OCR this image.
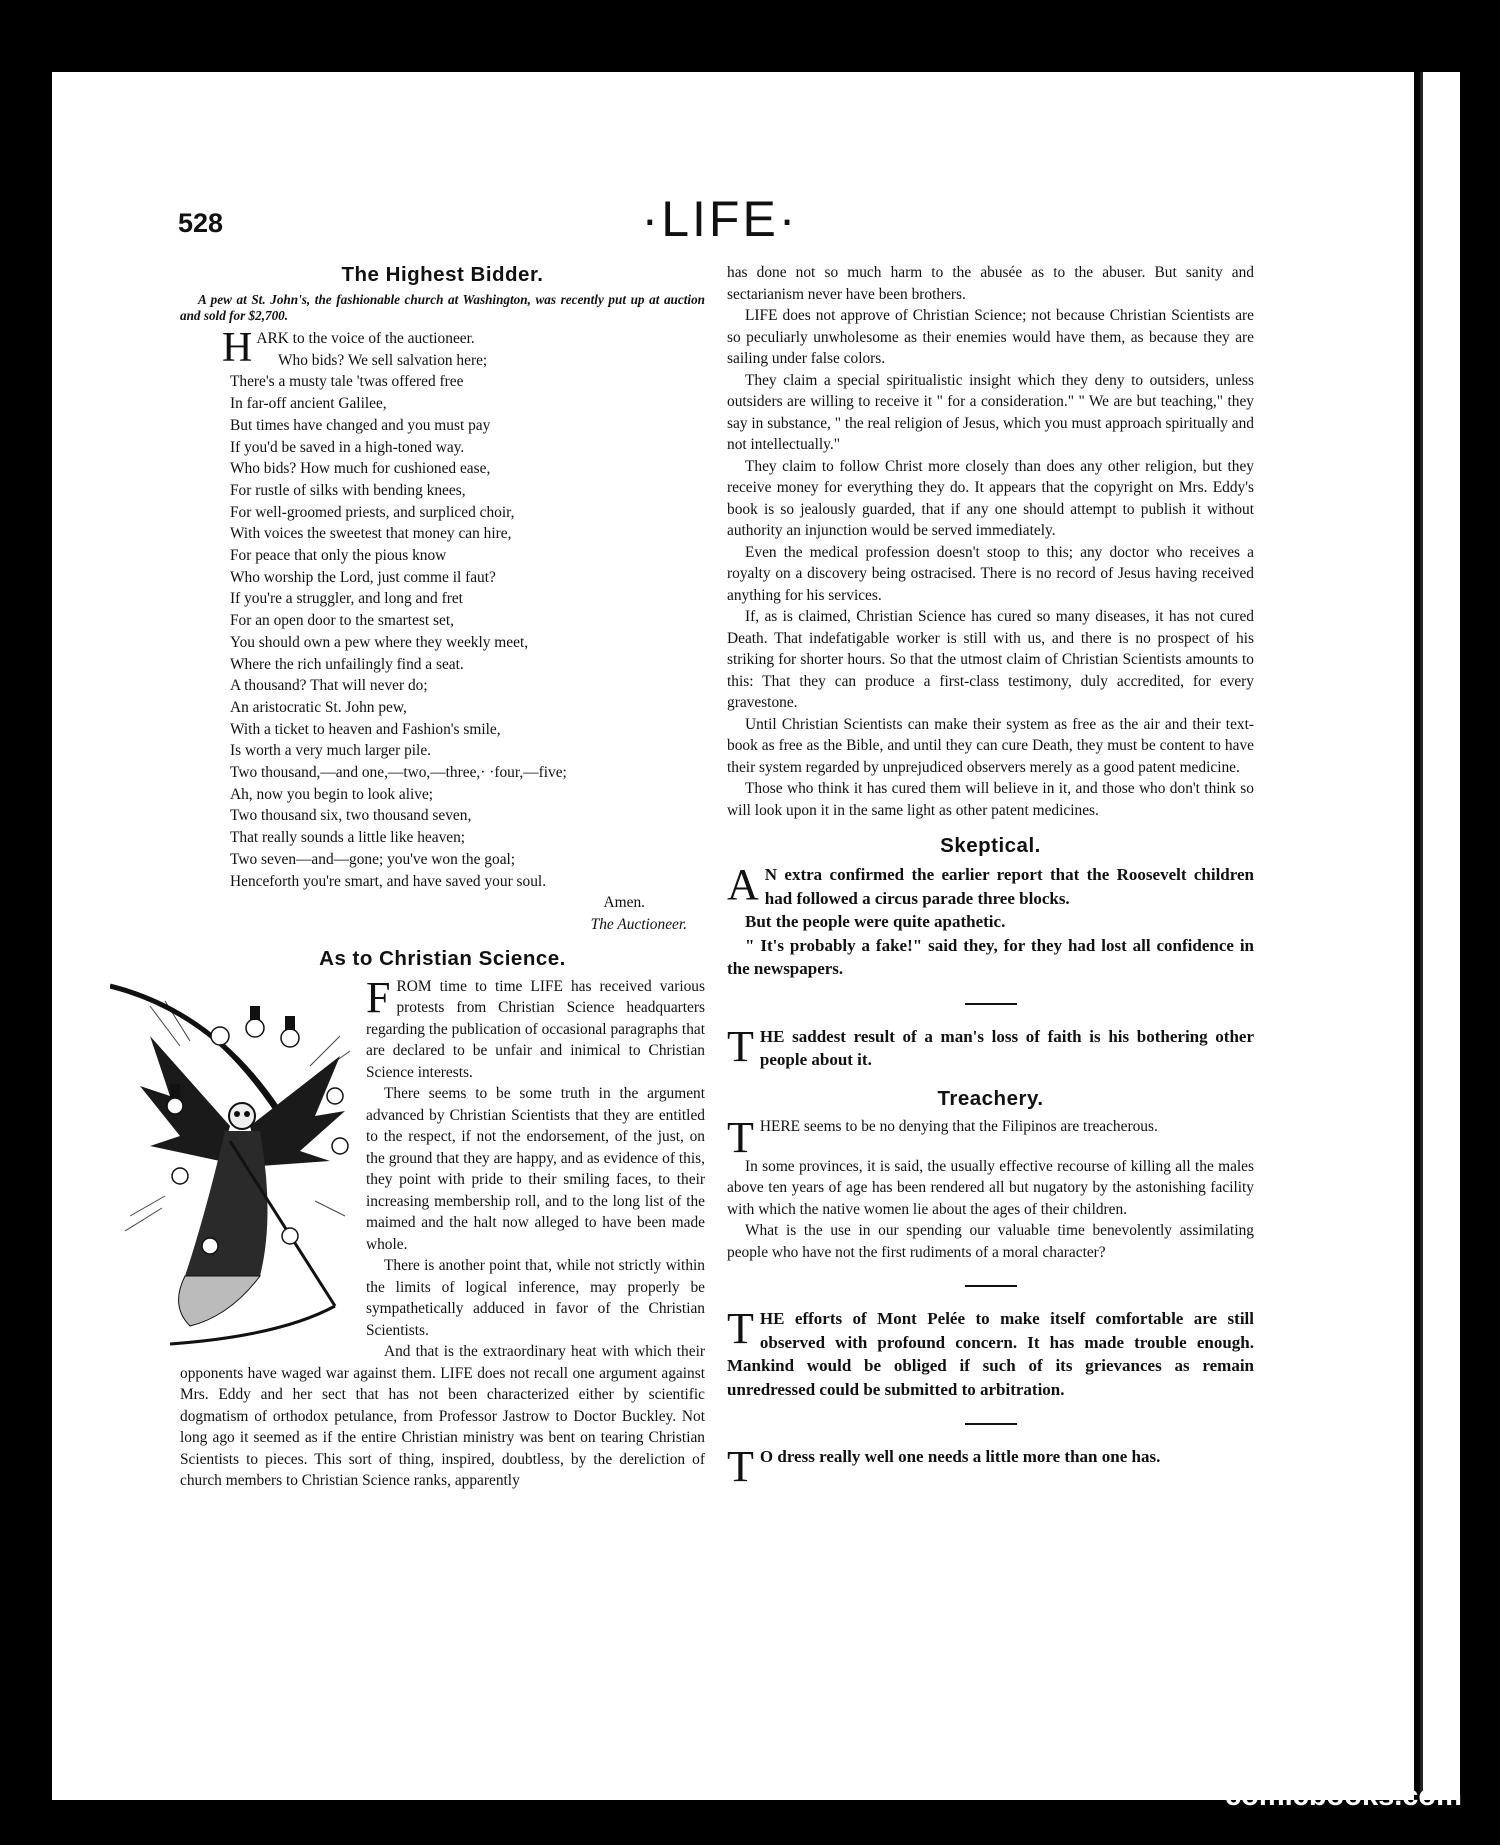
528	·LIFE·
The Highest Bidder.
A pew at St. John's, the fashionable church at Washington, was recently put up at auction and sold for $2,700.
HARK to the voice of the auctioneer.
Who bids? We sell salvation here;
There's a musty tale 'twas offered free
In far-off ancient Galilee,
But times have changed and you must pay
If you'd be saved in a high-toned way.
Who bids? How much for cushioned ease,
For rustle of silks with bending knees,
For well-groomed priests, and surpliced choir,
With voices the sweetest that money can hire,
For peace that only the pious know
Who worship the Lord, just comme il faut?
If you're a struggler, and long and fret
For an open door to the smartest set,
You should own a pew where they weekly meet,
Where the rich unfailingly find a seat.
A thousand? That will never do;
An aristocratic St. John pew,
With a ticket to heaven and Fashion's smile,
Is worth a very much larger pile.
Two thousand,—and one,—two,—three,· ·four,—five;
Ah, now you begin to look alive;
Two thousand six, two thousand seven,
That really sounds a little like heaven;
Two seven—and—gone; you've won the goal;
Henceforth you're smart, and have saved your soul.
Amen.
The Auctioneer.
As to Christian Science.

FROM time to time LIFE has received various protests from Christian Science headquarters regarding the publication of occasional paragraphs that are declared to be unfair and inimical to Christian Science interests.

There seems to be some truth in the argument advanced by Christian Scientists that they are entitled to the respect, if not the endorsement, of the just, on the ground that they are happy, and as evidence of this, they point with pride to their smiling faces, to their increasing membership roll, and to the long list of the maimed and the halt now alleged to have been made whole.

There is another point that, while not strictly within the limits of logical inference, may properly be sympathetically adduced in favor of the Christian Scientists.

And that is the extraordinary heat with which their opponents have waged war against them. LIFE does not recall one argument against Mrs. Eddy and her sect that has not been characterized either by scientific dogmatism of orthodox petulance, from Professor Jastrow to Doctor Buckley. Not long ago it seemed as if the entire Christian ministry was bent on tearing Christian Scientists to pieces. This sort of thing, inspired, doubtless, by the dereliction of church members to Christian Science ranks, apparently

has done not so much harm to the abusée as to the abuser. But sanity and sectarianism never have been brothers.

LIFE does not approve of Christian Science; not because Christian Scientists are so peculiarly unwholesome as their enemies would have them, as because they are sailing under false colors.

They claim a special spiritualistic insight which they deny to outsiders, unless outsiders are willing to receive it " for a consideration." " We are but teaching," they say in substance, " the real religion of Jesus, which you must approach spiritually and not intellectually."

They claim to follow Christ more closely than does any other religion, but they receive money for everything they do. It appears that the copyright on Mrs. Eddy's book is so jealously guarded, that if any one should attempt to publish it without authority an injunction would be served immediately.

Even the medical profession doesn't stoop to this; any doctor who receives a royalty on a discovery being ostracised. There is no record of Jesus having received anything for his services.

If, as is claimed, Christian Science has cured so many diseases, it has not cured Death. That indefatigable worker is still with us, and there is no prospect of his striking for shorter hours. So that the utmost claim of Christian Scientists amounts to this: That they can produce a first-class testimony, duly accredited, for every gravestone.

Until Christian Scientists can make their system as free as the air and their text-book as free as the Bible, and until they can cure Death, they must be content to have their system regarded by unprejudiced observers merely as a good patent medicine.

Those who think it has cured them will believe in it, and those who don't think so will look upon it in the same light as other patent medicines.

Skeptical.

A N extra confirmed the earlier report that the Roosevelt children had followed a circus parade three blocks.

But the people were quite apathetic.

" It's probably a fake!" said they, for they had lost all confidence in the newspapers.

THE saddest result of a man's loss of faith is his bothering other people about it.

Treachery.

THERE seems to be no denying that the Filipinos are treacherous.

In some provinces, it is said, the usually effective recourse of killing all the males above ten years of age has been rendered all but nugatory by the astonishing facility with which the native women lie about the ages of their children.

What is the use in our spending our valuable time benevolently assimilating people who have not the first rudiments of a moral character?

THE efforts of Mont Pelée to make itself comfortable are still observed with profound concern. It has made trouble enough. Mankind would be obliged if such of its grievances as remain unredressed could be submitted to arbitration.

T O dress really well one needs a little more than one has.

comicbooks.com
